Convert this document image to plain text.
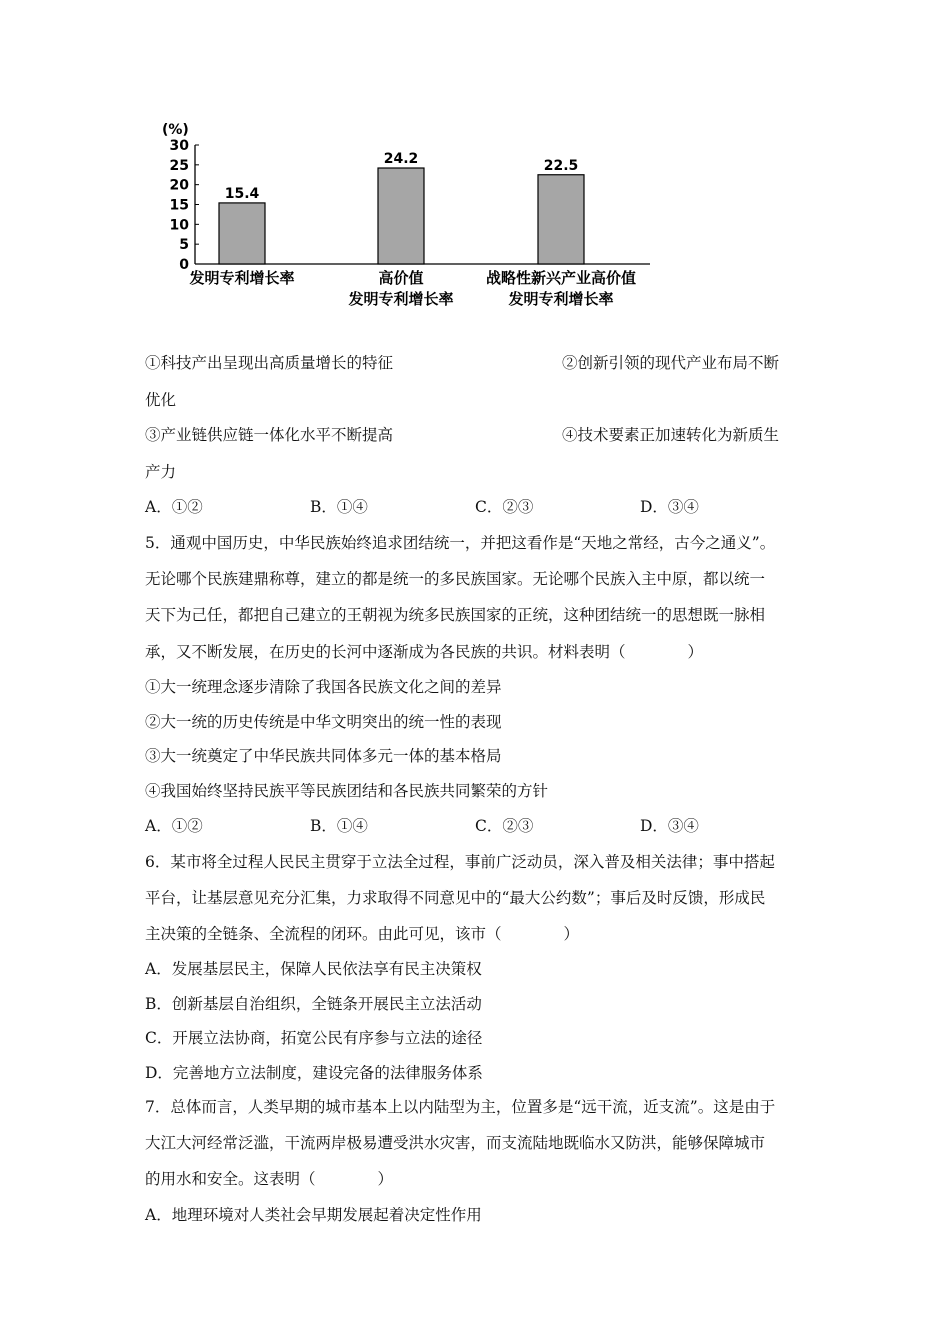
(%)
30
25
20
15
10
5
0
15.4
24.2	22.5
发明专利增长率	高价值
发明专利增长率
战略性新兴产业高价值
发明专利增长率
①科技产出呈现出高质量增长的特征	②创新引领的现代产业布局不断
优化
③产业链供应链一体化水平不断提高	④技术要素正加速转化为新质生
产力
A．①②	B．①④	C．②③	D．③④
5．通观中国历史，中华民族始终追求团结统一，并把这看作是“天地之常经，古今之通义”。
无论哪个民族建鼎称尊，建立的都是统一的多民族国家。无论哪个民族入主中原，都以统一
天下为己任，都把自己建立的王朝视为统多民族国家的正统，这种团结统一的思想既一脉相
承，又不断发展，在历史的长河中逐渐成为各民族的共识。材料表明（　　　　）
①大一统理念逐步清除了我国各民族文化之间的差异
②大一统的历史传统是中华文明突出的统一性的表现
③大一统奠定了中华民族共同体多元一体的基本格局
④我国始终坚持民族平等民族团结和各民族共同繁荣的方针
A．①②	B．①④	C．②③	D．③④
6．某市将全过程人民民主贯穿于立法全过程，事前广泛动员，深入普及相关法律；事中搭起
平台，让基层意见充分汇集，力求取得不同意见中的“最大公约数”；事后及时反馈，形成民
主决策的全链条、全流程的闭环。由此可见，该市（　　　　）
A．发展基层民主，保障人民依法享有民主决策权
B．创新基层自治组织，全链条开展民主立法活动
C．开展立法协商，拓宽公民有序参与立法的途径
D．完善地方立法制度，建设完备的法律服务体系
7．总体而言，人类早期的城市基本上以内陆型为主，位置多是“远干流，近支流”。这是由于
大江大河经常泛滥，干流两岸极易遭受洪水灾害，而支流陆地既临水又防洪，能够保障城市
的用水和安全。这表明（　　　　）
A．地理环境对人类社会早期发展起着决定性作用
